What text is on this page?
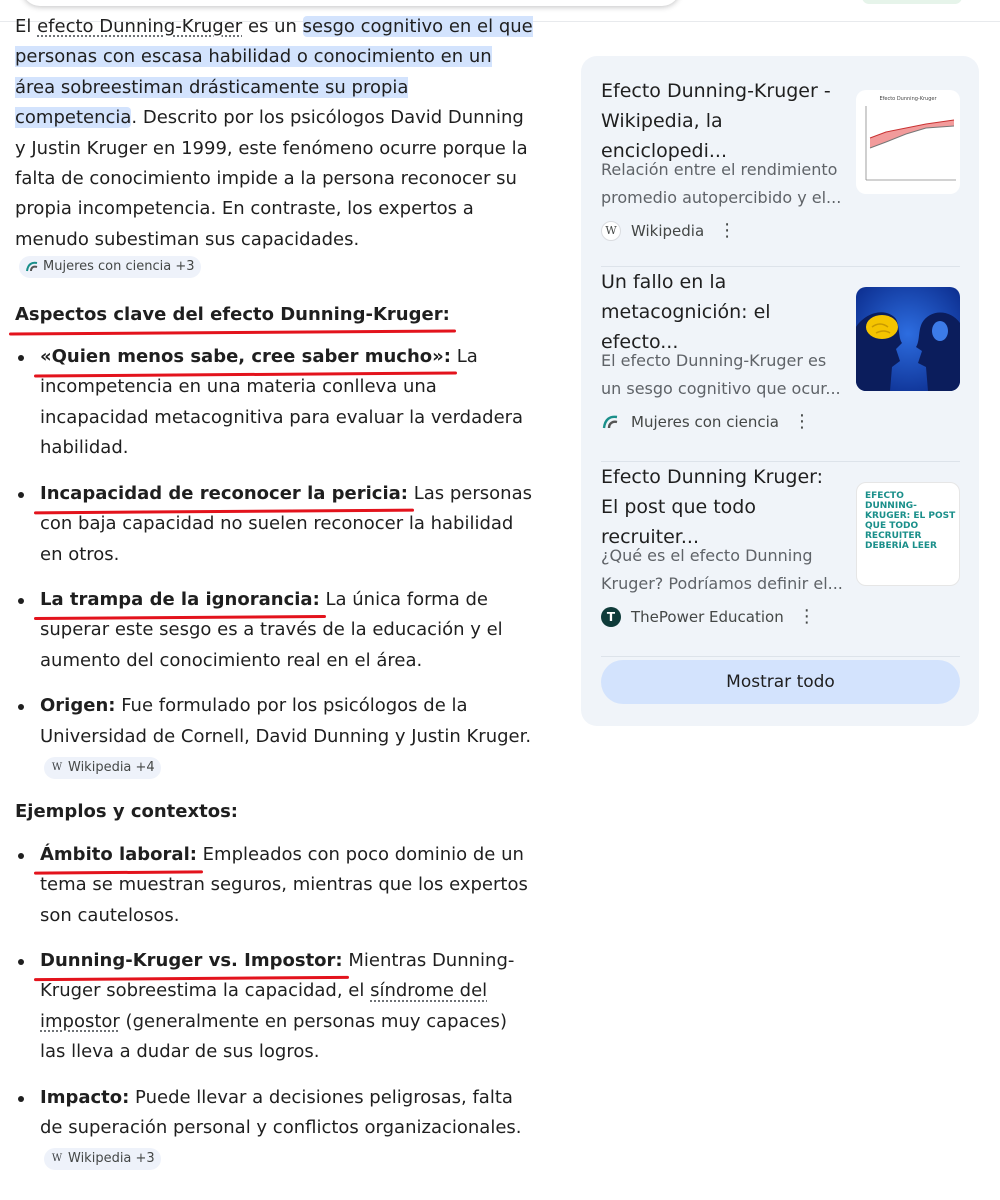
El efecto Dunning-Kruger es un sesgo cognitivo en el que personas con escasa habilidad o conocimiento en un área sobreestiman drásticamente su propia competencia. Descrito por los psicólogos David Dunning y Justin Kruger en 1999, este fenómeno ocurre porque la falta de conocimiento impide a la persona reconocer su propia incompetencia. En contraste, los expertos a menudo subestiman sus capacidades.
Mujeres con ciencia +3

Aspectos clave del efecto Dunning-Kruger:
«Quien menos sabe, cree saber mucho»: La incompetencia en una materia conlleva una incapacidad metacognitiva para evaluar la verdadera habilidad.
Incapacidad de reconocer la pericia: Las personas con baja capacidad no suelen reconocer la habilidad en otros.
La trampa de la ignorancia: La única forma de superar este sesgo es a través de la educación y el aumento del conocimiento real en el área.
Origen: Fue formulado por los psicólogos de la Universidad de Cornell, David Dunning y Justin Kruger.
W Wikipedia +4
Ejemplos y contextos:
Ámbito laboral: Empleados con poco dominio de un tema se muestran seguros, mientras que los expertos son cautelosos.
Dunning-Kruger vs. Impostor: Mientras Dunning-Kruger sobreestima la capacidad, el síndrome del impostor (generalmente en personas muy capaces) las lleva a dudar de sus logros.
Impacto: Puede llevar a decisiones peligrosas, falta de superación personal y conflictos organizacionales.
W Wikipedia +3
Efecto Dunning-Kruger - Wikipedia, la enciclopedi...
Relación entre el rendimiento promedio autopercibido y el...
W Wikipedia ⋮
Efecto Dunning-Kruger
Un fallo en la metacognición: el efecto...
El efecto Dunning-Kruger es un sesgo cognitivo que ocur...
Mujeres con ciencia ⋮
Efecto Dunning Kruger: El post que todo recruiter...
¿Qué es el efecto Dunning Kruger? Podríamos definir el...
T	ThePower Education ⋮
EFECTO DUNNING-KRUGER: EL POST QUE TODO RECRUITER DEBERÍA LEER
Mostrar todo
